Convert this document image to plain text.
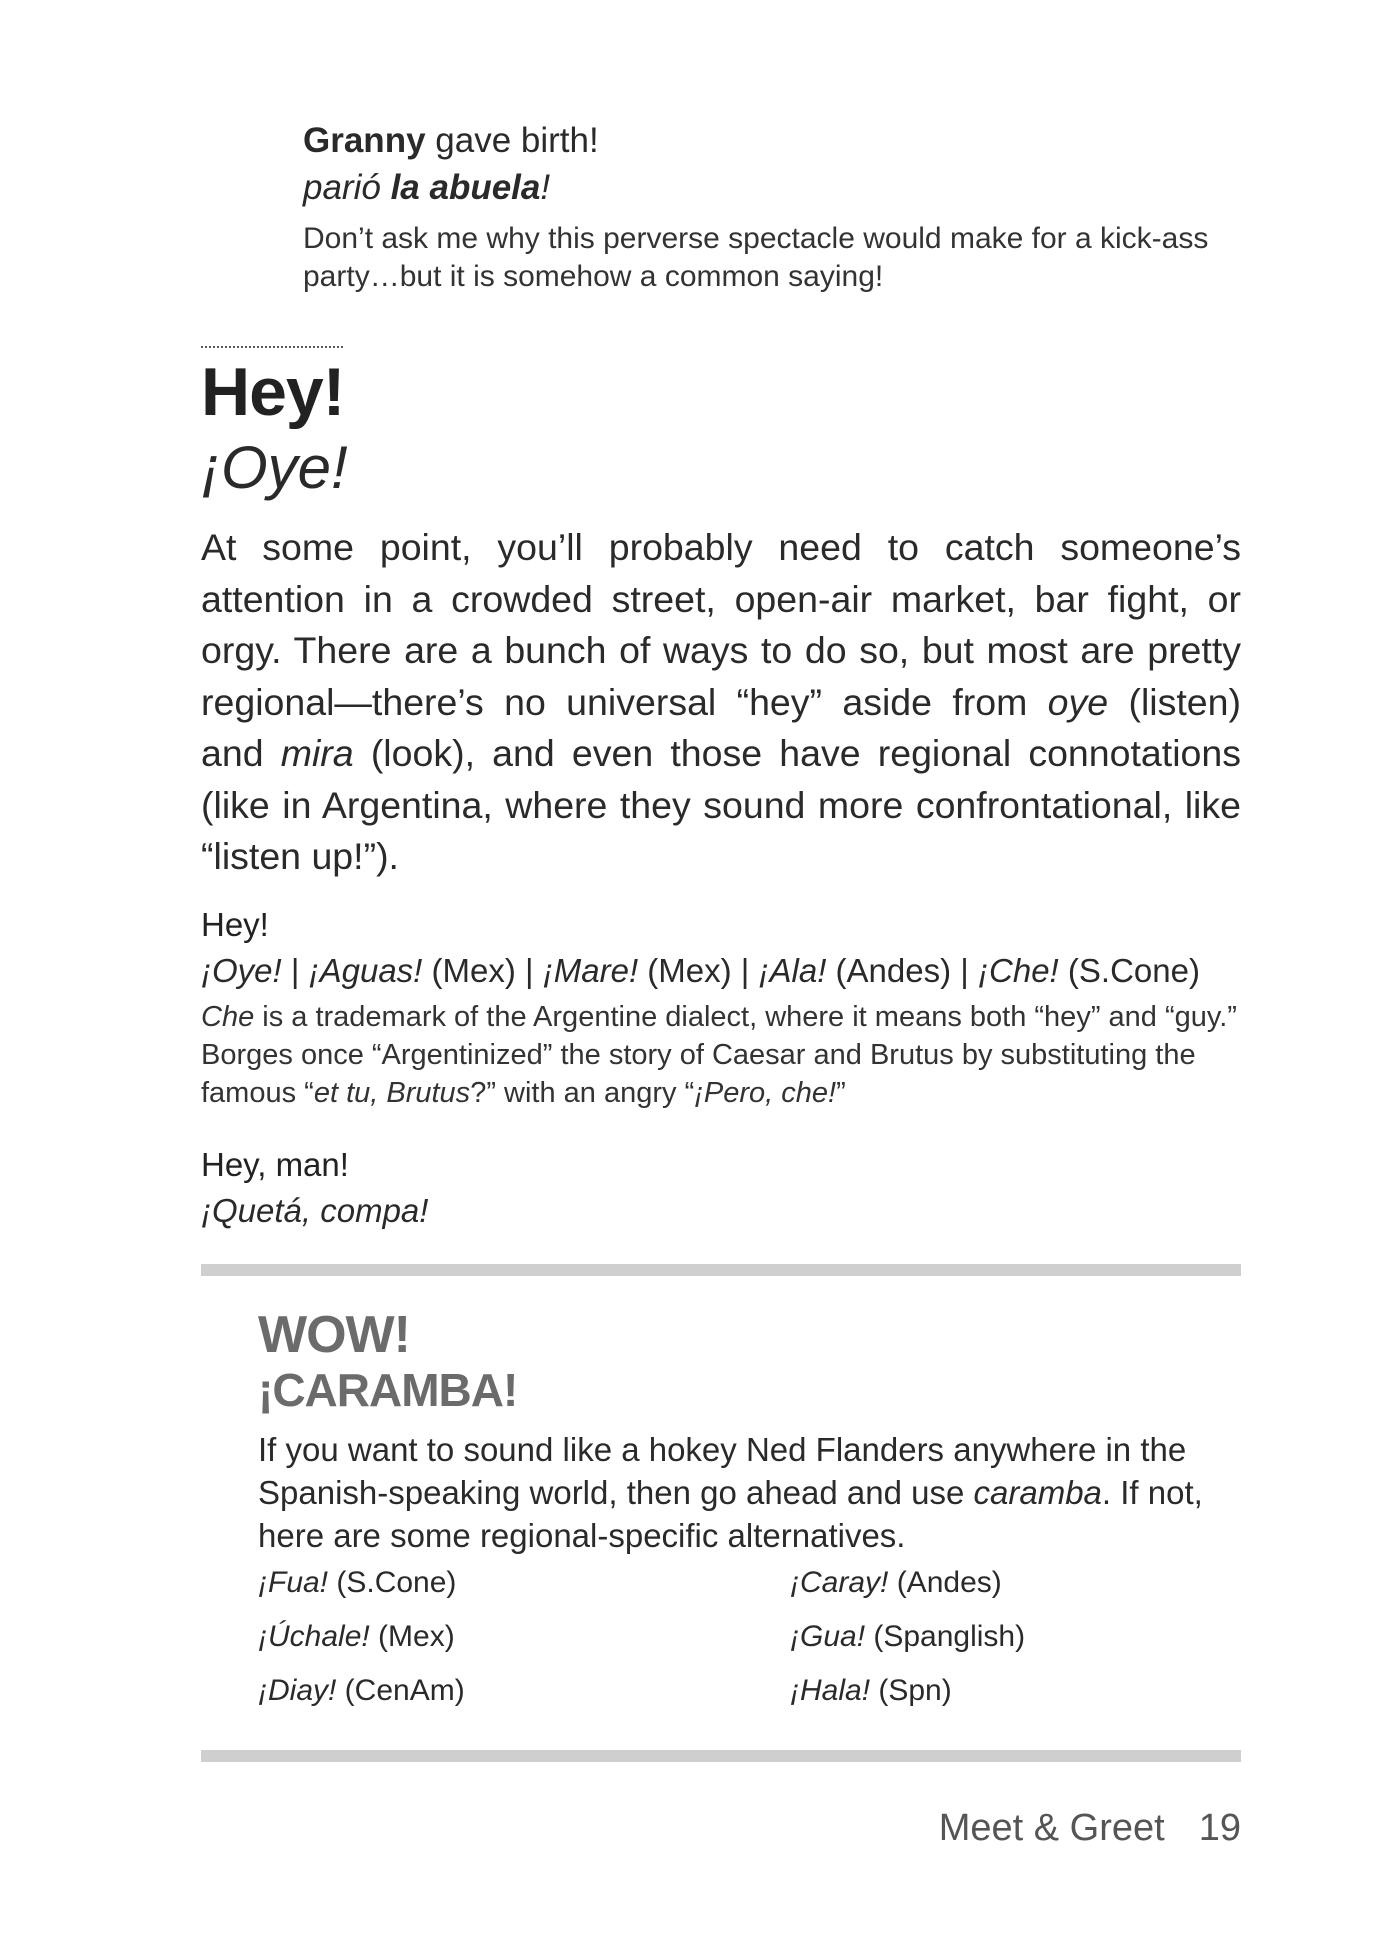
Granny gave birth!
parió la abuela!
Don’t ask me why this perverse spectacle would make for a kick-ass party…but it is somehow a common saying!
Hey!
¡Oye!
At some point, you’ll probably need to catch someone’s attention in a crowded street, open-air market, bar fight, or orgy. There are a bunch of ways to do so, but most are pretty regional—there’s no universal “hey” aside from oye (listen) and mira (look), and even those have regional connotations (like in Argentina, where they sound more confrontational, like “listen up!”).
Hey!
¡Oye! | ¡Aguas! (Mex) | ¡Mare! (Mex) | ¡Ala! (Andes) | ¡Che! (S.Cone)
Che is a trademark of the Argentine dialect, where it means both “hey” and “guy.” Borges once “Argentinized” the story of Caesar and Brutus by substituting the famous “et tu, Brutus?” with an angry “¡Pero, che!”
Hey, man!
¡Quetá, compa!
WOW!
¡CARAMBA!
If you want to sound like a hokey Ned Flanders anywhere in the Spanish-speaking world, then go ahead and use caramba. If not, here are some regional-specific alternatives.
¡Fua! (S.Cone)	¡Caray! (Andes)
¡Úchale! (Mex)	¡Gua! (Spanglish)
¡Diay! (CenAm)	¡Hala! (Spn)
Meet & Greet 19
